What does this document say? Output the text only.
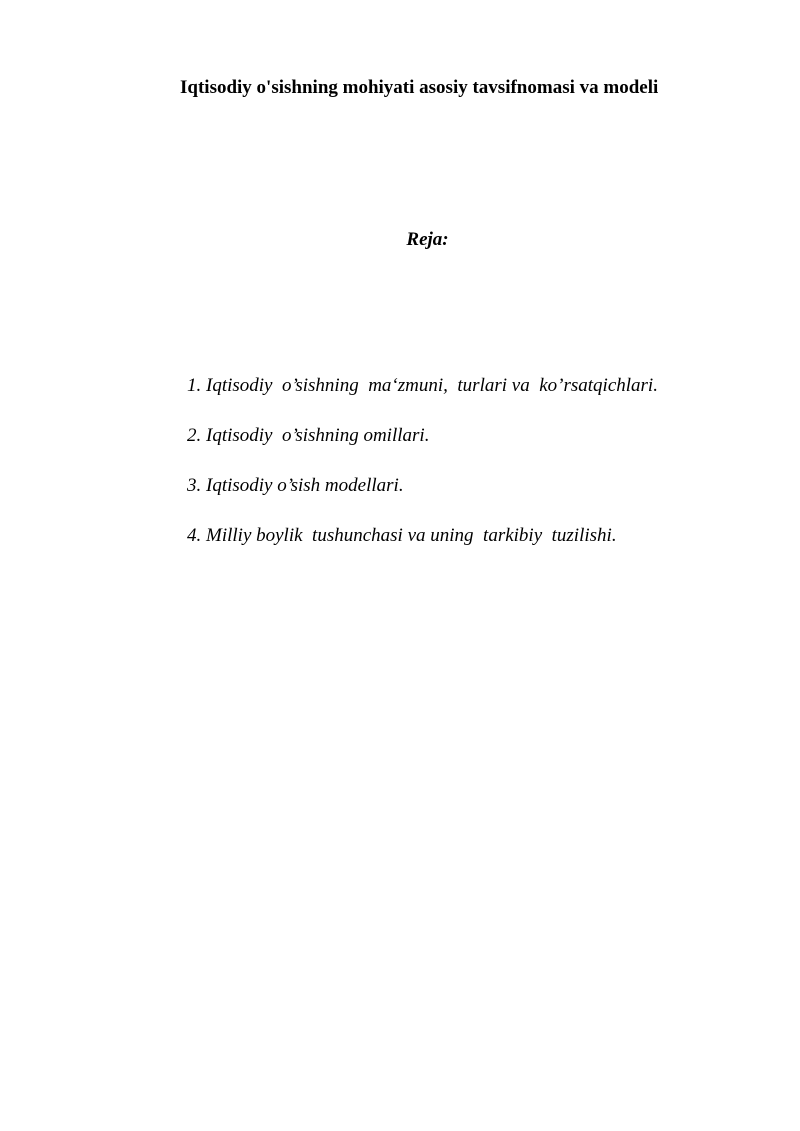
Iqtisodiy o'sishning mohiyati asosiy tavsifnomasi va modeli
Reja:
1. Iqtisodiy  o’sishning  ma‘zmuni,  turlari va  ko’rsatqichlari.
2. Iqtisodiy  o’sishning omillari.
3. Iqtisodiy o’sish modellari.
4. Milliy boylik  tushunchasi va uning  tarkibiy  tuzilishi.
